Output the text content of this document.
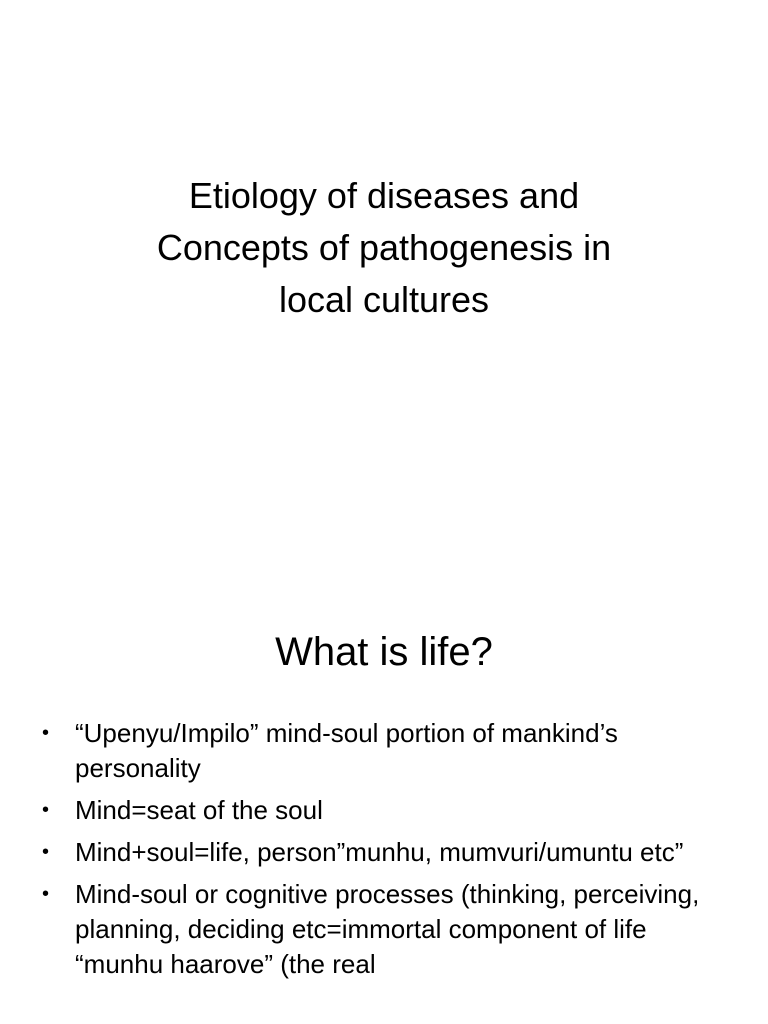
Etiology of diseases and
Concepts of pathogenesis in
local cultures
What is life?
• “Upenyu/Impilo” mind-soul portion of mankind’s personality
• Mind=seat of the soul
• Mind+soul=life, person”munhu, mumvuri/umuntu etc”
• Mind-soul or cognitive processes (thinking, perceiving, planning, deciding etc=immortal component of life “munhu haarove” (the real
